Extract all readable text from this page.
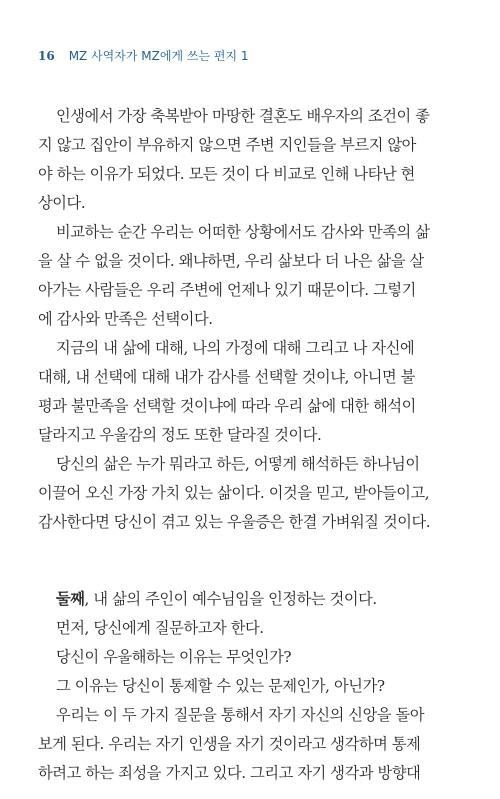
16 MZ 사역자가 MZ에게 쓰는 편지 1
인생에서 가장 축복받아 마땅한 결혼도 배우자의 조건이 좋
지 않고 집안이 부유하지 않으면 주변 지인들을 부르지 않아
야 하는 이유가 되었다. 모든 것이 다 비교로 인해 나타난 현
상이다.
비교하는 순간 우리는 어떠한 상황에서도 감사와 만족의 삶
을 살 수 없을 것이다. 왜냐하면, 우리 삶보다 더 나은 삶을 살
아가는 사람들은 우리 주변에 언제나 있기 때문이다. 그렇기
에 감사와 만족은 선택이다.
지금의 내 삶에 대해, 나의 가정에 대해 그리고 나 자신에
대해, 내 선택에 대해 내가 감사를 선택할 것이냐, 아니면 불
평과 불만족을 선택할 것이냐에 따라 우리 삶에 대한 해석이
달라지고 우울감의 정도 또한 달라질 것이다.
당신의 삶은 누가 뭐라고 하든, 어떻게 해석하든 하나님이
이끌어 오신 가장 가치 있는 삶이다. 이것을 믿고, 받아들이고,
감사한다면 당신이 겪고 있는 우울증은 한결 가벼워질 것이다.
둘째, 내 삶의 주인이 예수님임을 인정하는 것이다.
먼저, 당신에게 질문하고자 한다.
당신이 우울해하는 이유는 무엇인가?
그 이유는 당신이 통제할 수 있는 문제인가, 아닌가?
우리는 이 두 가지 질문을 통해서 자기 자신의 신앙을 돌아
보게 된다. 우리는 자기 인생을 자기 것이라고 생각하며 통제
하려고 하는 죄성을 가지고 있다. 그리고 자기 생각과 방향대
